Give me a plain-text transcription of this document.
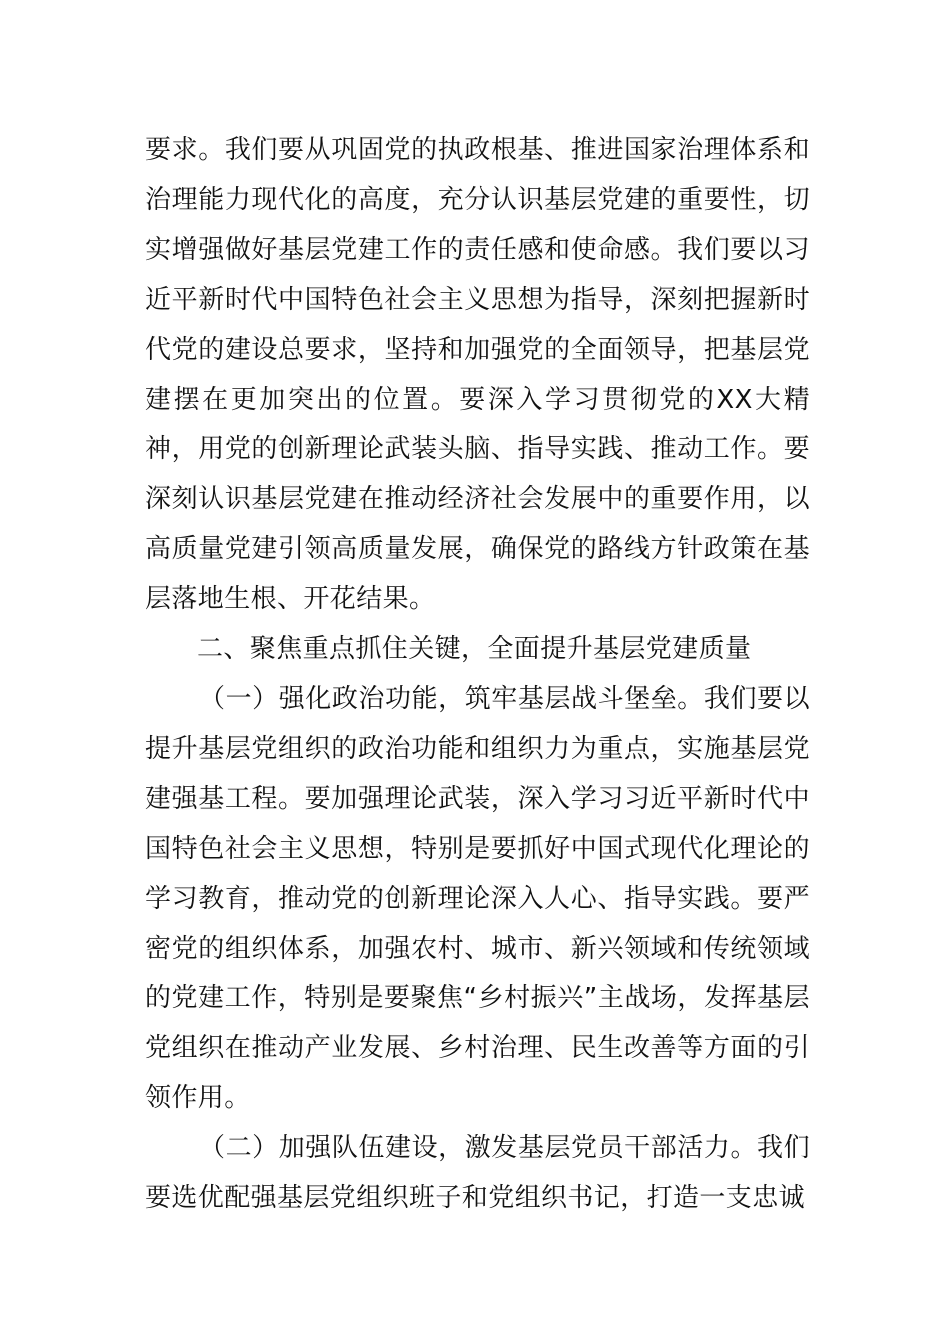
要求。我们要从巩固党的执政根基、推进国家治理体系和治理能力现代化的高度，充分认识基层党建的重要性，切实增强做好基层党建工作的责任感和使命感。我们要以习近平新时代中国特色社会主义思想为指导，深刻把握新时代党的建设总要求，坚持和加强党的全面领导，把基层党建摆在更加突出的位置。要深入学习贯彻党的XX大精神，用党的创新理论武装头脑、指导实践、推动工作。要深刻认识基层党建在推动经济社会发展中的重要作用，以高质量党建引领高质量发展，确保党的路线方针政策在基层落地生根、开花结果。

二、聚焦重点抓住关键，全面提升基层党建质量

（一）强化政治功能，筑牢基层战斗堡垒。我们要以提升基层党组织的政治功能和组织力为重点，实施基层党建强基工程。要加强理论武装，深入学习习近平新时代中国特色社会主义思想，特别是要抓好中国式现代化理论的学习教育，推动党的创新理论深入人心、指导实践。要严密党的组织体系，加强农村、城市、新兴领域和传统领域的党建工作，特别是要聚焦“乡村振兴”主战场，发挥基层党组织在推动产业发展、乡村治理、民生改善等方面的引领作用。

（二）加强队伍建设，激发基层党员干部活力。我们要选优配强基层党组织班子和党组织书记，打造一支忠诚
